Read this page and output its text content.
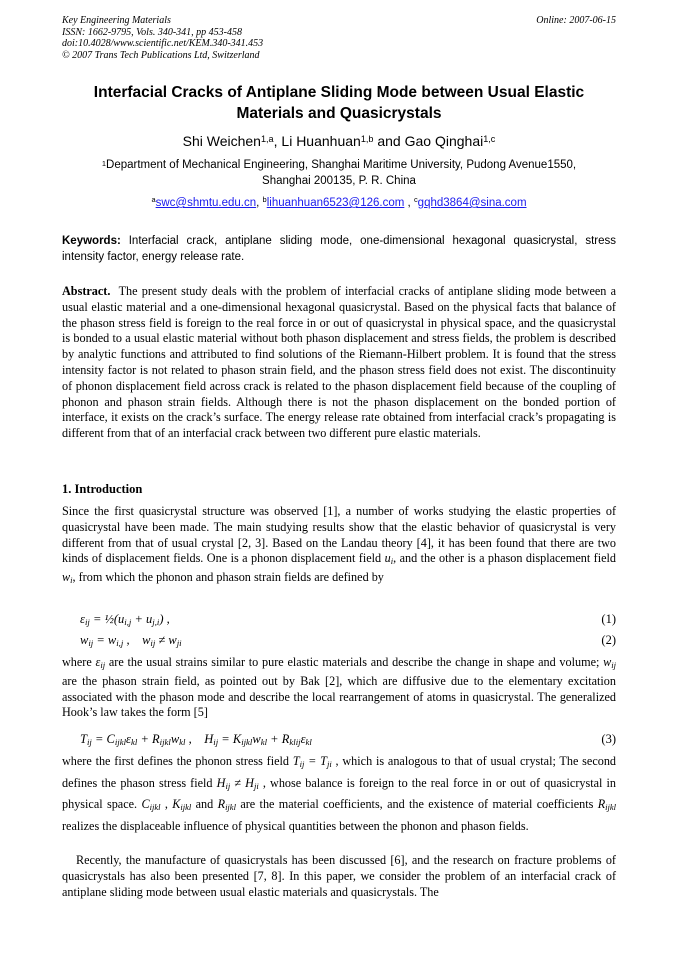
Key Engineering Materials
ISSN: 1662-9795, Vols. 340-341, pp 453-458
doi:10.4028/www.scientific.net/KEM.340-341.453
© 2007 Trans Tech Publications Ltd, Switzerland
Online: 2007-06-15
Interfacial Cracks of Antiplane Sliding Mode between Usual Elastic
Materials and Quasicrystals
Shi Weichen$^{1,a}$, Li Huanhuan$^{1,b}$ and Gao Qinghai$^{1,c}$
$^1$Department of Mechanical Engineering, Shanghai Maritime University, Pudong Avenue1550,
Shanghai 200135, P. R. China
$^a$swc@shmtu.edu.cn, $^b$lihuanhuan6523@126.com , $^c$gqhd3864@sina.com
Keywords: Interfacial crack, antiplane sliding mode, one-dimensional hexagonal quasicrystal, stress intensity factor, energy release rate.
Abstract. The present study deals with the problem of interfacial cracks of antiplane sliding mode between a usual elastic material and a one-dimensional hexagonal quasicrystal. Based on the physical facts that balance of the phason stress field is foreign to the real force in or out of quasicrystal in physical space, and the quasicrystal is bonded to a usual elastic material without both phason displacement and stress fields, the problem is described by analytic functions and attributed to find solutions of the Riemann-Hilbert problem. It is found that the stress intensity factor is not related to phason strain field, and the phason stress field does not exist. The discontinuity of phonon displacement field across crack is related to the phason displacement field because of the coupling of phonon and phason strain fields. Although there is not the phason displacement on the bonded portion of interface, it exists on the crack’s surface. The energy release rate obtained from interfacial crack’s propagating is different from that of an interfacial crack between two different pure elastic materials.
1. Introduction
Since the first quasicrystal structure was observed [1], a number of works studying the elastic properties of quasicrystal have been made. The main studying results show that the elastic behavior of quasicrystal is very different from that of usual crystal [2, 3]. Based on the Landau theory [4], it has been found that there are two kinds of displacement fields. One is a phonon displacement field ui, and the other is a phason displacement field wi, from which the phonon and phason strain fields are defined by
εij = ½(ui,j + uj,i) ,	(1)
wij = wi,j ,    wij ≠ wji	(2)
where εij are the usual strains similar to pure elastic materials and describe the change in shape and volume; wij are the phason strain field, as pointed out by Bak [2], which are diffusive due to the elementary excitation associated with the phason mode and describe the local rearrangement of atoms in quasicrystal. The generalized Hook’s law takes the form [5]
Tij = Cijklεkl + Rijklwkl ,    Hij = Kijklwkl + Rklijεkl	(3)
where the first defines the phonon stress field Tij = Tji , which is analogous to that of usual crystal; The second defines the phason stress field Hij ≠ Hji , whose balance is foreign to the real force in or out of quasicrystal in physical space. Cijkl , Kijkl and Rijkl are the material coefficients, and the existence of material coefficients Rijkl realizes the displaceable influence of physical quantities between the phonon and phason fields.
Recently, the manufacture of quasicrystals has been discussed [6], and the research on fracture problems of quasicrystals has also been presented [7, 8]. In this paper, we consider the problem of an interfacial crack of antiplane sliding mode between usual elastic materials and quasicrystals. The
